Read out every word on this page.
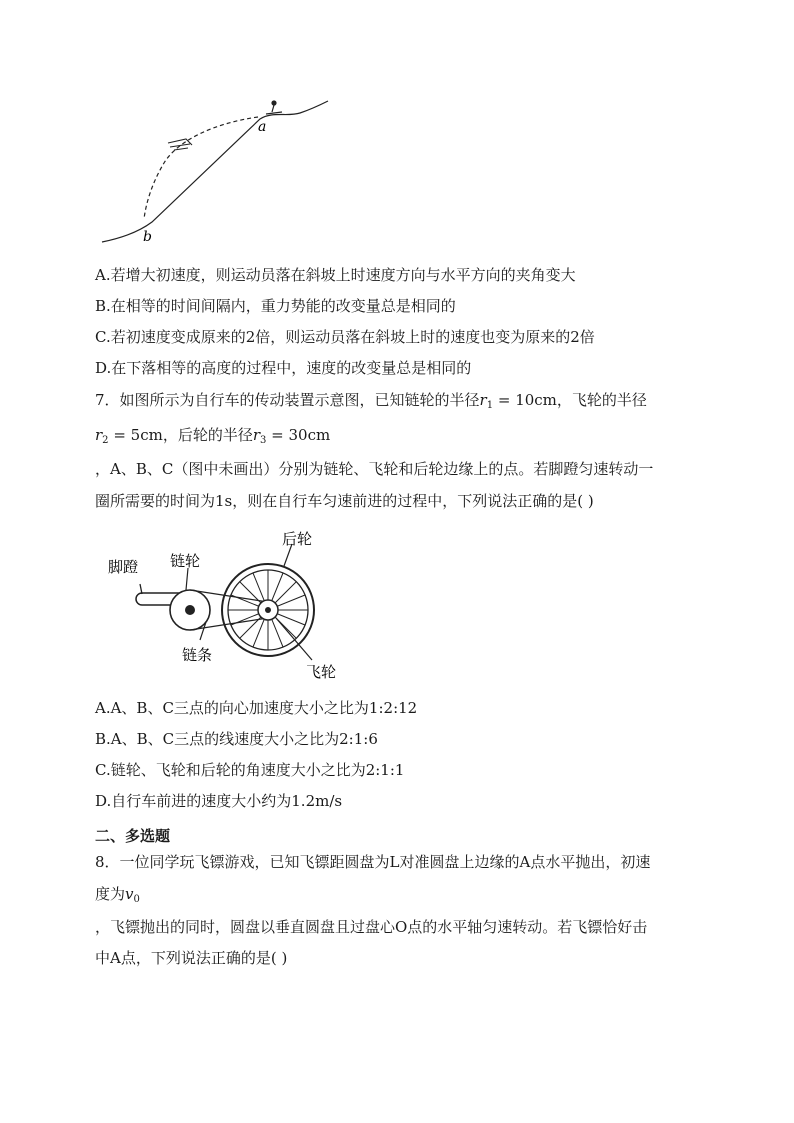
a
b
A.若增大初速度，则运动员落在斜坡上时速度方向与水平方向的夹角变大
B.在相等的时间间隔内，重力势能的改变量总是相同的
C.若初速度变成原来的2倍，则运动员落在斜坡上时的速度也变为原来的2倍
D.在下落相等的高度的过程中，速度的改变量总是相同的
7．如图所示为自行车的传动装置示意图，已知链轮的半径$r_1 = 10cm$，飞轮的半径
$r_2 = 5cm$，后轮的半径$r_3 = 30cm$
，A、B、C（图中未画出）分别为链轮、飞轮和后轮边缘上的点。若脚蹬匀速转动一
圈所需要的时间为1s，则在自行车匀速前进的过程中，下列说法正确的是( )
脚蹬 链轮
后轮
链条
飞轮
A.A、B、C三点的向心加速度大小之比为1:2:12
B.A、B、C三点的线速度大小之比为2:1:6
C.链轮、飞轮和后轮的角速度大小之比为2:1:1
D.自行车前进的速度大小约为1.2m/s
二、多选题
8．一位同学玩飞镖游戏，已知飞镖距圆盘为L对准圆盘上边缘的A点水平抛出，初速
度为$v_0$
，飞镖抛出的同时，圆盘以垂直圆盘且过盘心O点的水平轴匀速转动。若飞镖恰好击
中A点，下列说法正确的是( )
